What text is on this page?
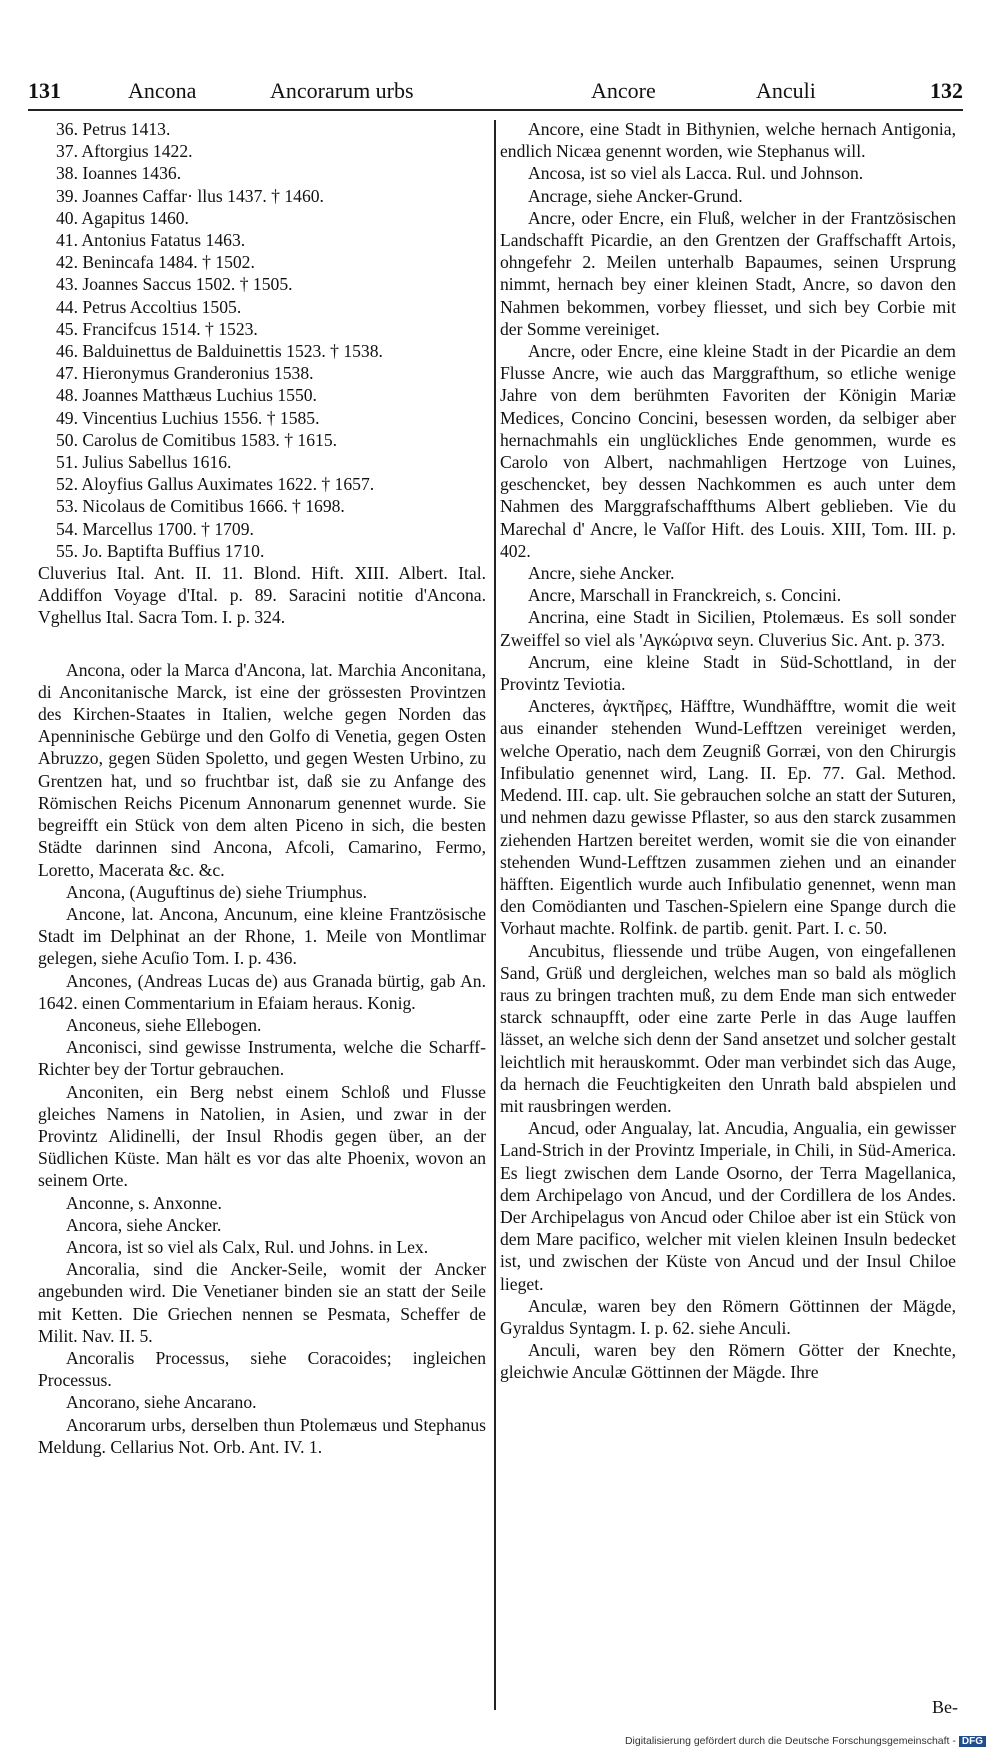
131	Ancona	Ancorarum urbs	Ancore	Anculi	132
36. Petrus 1413.
37. Aftorgius 1422.
38. Ioannes 1436.
39. Joannes Caffar· llus 1437. † 1460.
40. Agapitus 1460.
41. Antonius Fatatus 1463.
42. Benincafa 1484. † 1502.
43. Joannes Saccus 1502. † 1505.
44. Petrus Accoltius 1505.
45. Francifcus 1514. † 1523.
46. Balduinettus de Balduinettis 1523. † 1538.
47. Hieronymus Granderonius 1538.
48. Joannes Matthæus Luchius 1550.
49. Vincentius Luchius 1556. † 1585.
50. Carolus de Comitibus 1583. † 1615.
51. Julius Sabellus 1616.
52. Aloyfius Gallus Auximates 1622. † 1657.
53. Nicolaus de Comitibus 1666. † 1698.
54. Marcellus 1700. † 1709.
55. Jo. Baptifta Buffius 1710.

Cluverius Ital. Ant. II. 11. Blond. Hift. XIII. Albert. Ital. Addiffon Voyage d'Ital. p. 89. Saracini notitie d'Ancona. Vghellus Ital. Sacra Tom. I. p. 324.

Ancona, oder la Marca d'Ancona, lat. Marchia Anconitana, di Anconitanische Marck, ist eine der grössesten Provintzen des Kirchen-Staates in Italien, welche gegen Norden das Apenninische Gebürge und den Golfo di Venetia, gegen Osten Abruzzo, gegen Süden Spoletto, und gegen Westen Urbino, zu Grentzen hat, und so fruchtbar ist, daß sie zu Anfange des Römischen Reichs Picenum Annonarum genennet wurde. Sie begreifft ein Stück von dem alten Piceno in sich, die besten Städte darinnen sind Ancona, Afcoli, Camarino, Fermo, Loretto, Macerata &c. &c.

Ancona, (Auguftinus de) siehe Triumphus.

Ancone, lat. Ancona, Ancunum, eine kleine Frantzösische Stadt im Delphinat an der Rhone, 1. Meile von Montlimar gelegen, siehe Acuſio Tom. I. p. 436.

Ancones, (Andreas Lucas de) aus Granada bürtig, gab An. 1642. einen Commentarium in Efaiam heraus. Konig.

Anconeus, siehe Ellebogen.

Anconisci, sind gewisse Instrumenta, welche die Scharff-Richter bey der Tortur gebrauchen.

Anconiten, ein Berg nebst einem Schloß und Flusse gleiches Namens in Natolien, in Asien, und zwar in der Provintz Alidinelli, der Insul Rhodis gegen über, an der Südlichen Küste. Man hält es vor das alte Phoenix, wovon an seinem Orte.

Anconne, s. Anxonne.

Ancora, siehe Ancker.

Ancora, ist so viel als Calx, Rul. und Johns. in Lex.

Ancoralia, sind die Ancker-Seile, womit der Ancker angebunden wird. Die Venetianer binden sie an statt der Seile mit Ketten. Die Griechen nennen se Pesmata, Scheffer de Milit. Nav. II. 5.

Ancoralis Processus, siehe Coracoides; ingleichen Processus.

Ancorano, siehe Ancarano.

Ancorarum urbs, derselben thun Ptolemæus und Stephanus Meldung. Cellarius Not. Orb. Ant. IV. 1.

Ancore, eine Stadt in Bithynien, welche hernach Antigonia, endlich Nicæa genennt worden, wie Stephanus will.

Ancosa, ist so viel als Lacca. Rul. und Johnson.

Ancrage, siehe Ancker-Grund.

Ancre, oder Encre, ein Fluß, welcher in der Frantzösischen Landschafft Picardie, an den Grentzen der Graffschafft Artois, ohngefehr 2. Meilen unterhalb Bapaumes, seinen Ursprung nimmt, hernach bey einer kleinen Stadt, Ancre, so davon den Nahmen bekommen, vorbey fliesset, und sich bey Corbie mit der Somme vereiniget.

Ancre, oder Encre, eine kleine Stadt in der Picardie an dem Flusse Ancre, wie auch das Marggrafthum, so etliche wenige Jahre von dem berühmten Favoriten der Königin Mariæ Medices, Concino Concini, besessen worden, da selbiger aber hernachmahls ein unglückliches Ende genommen, wurde es Carolo von Albert, nachmahligen Hertzoge von Luines, geschencket, bey dessen Nachkommen es auch unter dem Nahmen des Marggrafschaffthums Albert geblieben. Vie du Marechal d' Ancre, le Vaſſor Hift. des Louis. XIII, Tom. III. p. 402.

Ancre, siehe Ancker.

Ancre, Marschall in Franckreich, s. Concini.

Ancrina, eine Stadt in Sicilien, Ptolemæus. Es soll sonder Zweiffel so viel als 'Αγκώρινα seyn. Cluverius Sic. Ant. p. 373.

Ancrum, eine kleine Stadt in Süd-Schottland, in der Provintz Teviotia.

Ancteres, ἀγκτῆρες, Häfftre, Wundhäfftre, womit die weit aus einander stehenden Wund-Lefftzen vereiniget werden, welche Operatio, nach dem Zeugniß Gorræi, von den Chirurgis Infibulatio genennet wird, Lang. II. Ep. 77. Gal. Method. Medend. III. cap. ult. Sie gebrauchen solche an statt der Suturen, und nehmen dazu gewisse Pflaster, so aus den starck zusammen ziehenden Hartzen bereitet werden, womit sie die von einander stehenden Wund-Lefftzen zusammen ziehen und an einander häfften. Eigentlich wurde auch Infibulatio genennet, wenn man den Comödianten und Taschen-Spielern eine Spange durch die Vorhaut machte. Rolfink. de partib. genit. Part. I. c. 50.

Ancubitus, fliessende und trübe Augen, von eingefallenen Sand, Grüß und dergleichen, welches man so bald als möglich raus zu bringen trachten muß, zu dem Ende man sich entweder starck schnaupfft, oder eine zarte Perle in das Auge lauffen lässet, an welche sich denn der Sand ansetzet und solcher gestalt leichtlich mit herauskommt. Oder man verbindet sich das Auge, da hernach die Feuchtigkeiten den Unrath bald abspielen und mit rausbringen werden.

Ancud, oder Angualay, lat. Ancudia, Angualia, ein gewisser Land-Strich in der Provintz Imperiale, in Chili, in Süd-America. Es liegt zwischen dem Lande Osorno, der Terra Magellanica, dem Archipelago von Ancud, und der Cordillera de los Andes. Der Archipelagus von Ancud oder Chiloe aber ist ein Stück von dem Mare pacifico, welcher mit vielen kleinen Insuln bedecket ist, und zwischen der Küste von Ancud und der Insul Chiloe lieget.

Anculæ, waren bey den Römern Göttinnen der Mägde, Gyraldus Syntagm. I. p. 62. siehe Anculi.

Anculi, waren bey den Römern Götter der Knechte, gleichwie Anculæ Göttinnen der Mägde. Ihre

Be-
Digitalisierung gefördert durch die Deutsche Forschungsgemeinschaft - DFG
